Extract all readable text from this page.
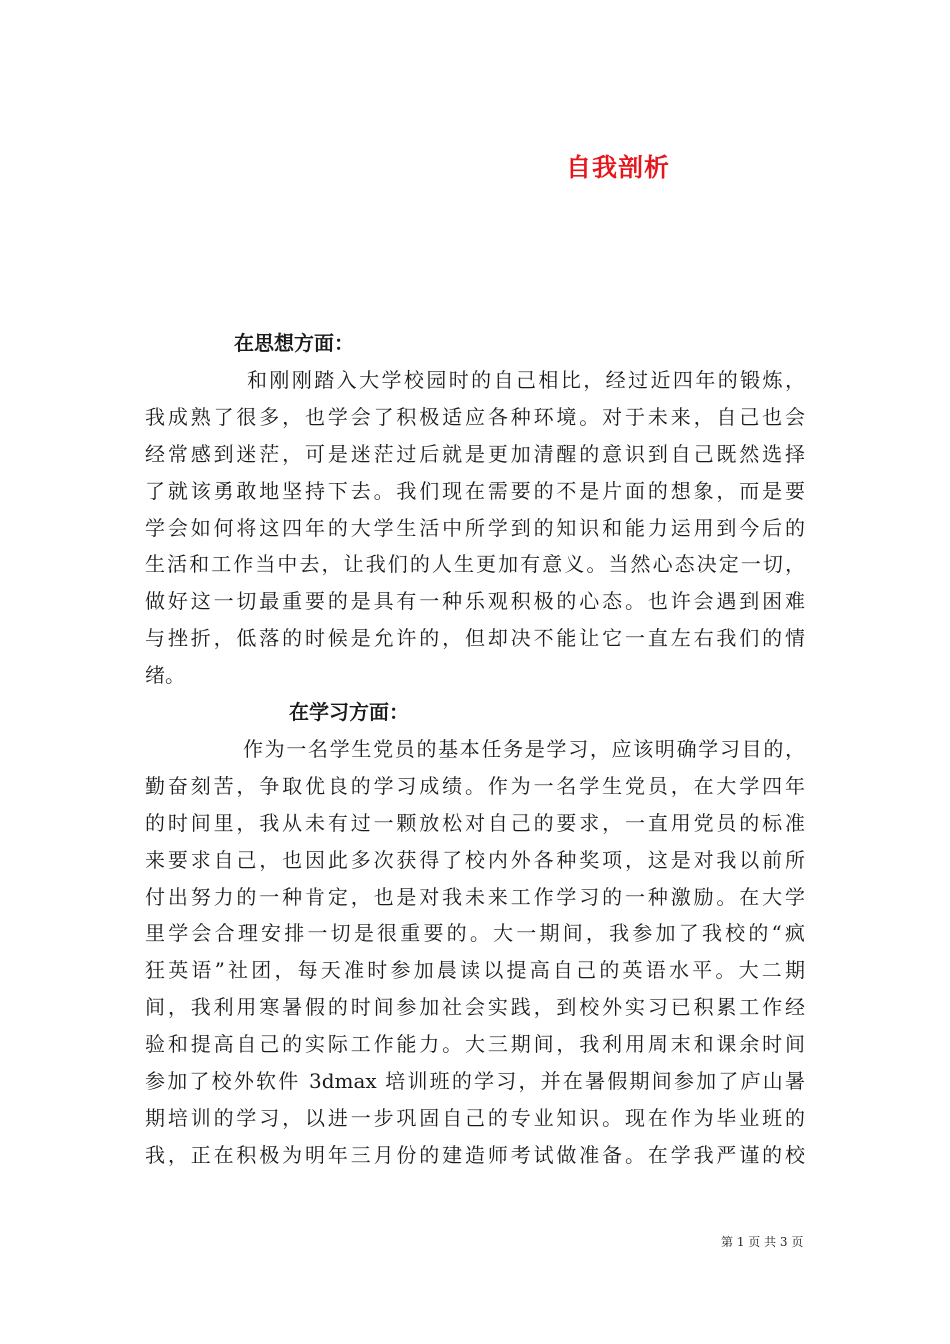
自我剖析
在思想方面：
和刚刚踏入大学校园时的自己相比，经过近四年的锻炼，
我成熟了很多，也学会了积极适应各种环境。对于未来，自己也会
经常感到迷茫，可是迷茫过后就是更加清醒的意识到自己既然选择
了就该勇敢地坚持下去。我们现在需要的不是片面的想象，而是要
学会如何将这四年的大学生活中所学到的知识和能力运用到今后的
生活和工作当中去，让我们的人生更加有意义。当然心态决定一切，
做好这一切最重要的是具有一种乐观积极的心态。也许会遇到困难
与挫折，低落的时候是允许的，但却决不能让它一直左右我们的情
绪。
在学习方面：
作为一名学生党员的基本任务是学习，应该明确学习目的，
勤奋刻苦，争取优良的学习成绩。作为一名学生党员，在大学四年
的时间里，我从未有过一颗放松对自己的要求，一直用党员的标准
来要求自己，也因此多次获得了校内外各种奖项，这是对我以前所
付出努力的一种肯定，也是对我未来工作学习的一种激励。在大学
里学会合理安排一切是很重要的。大一期间，我参加了我校的“疯
狂英语”社团，每天准时参加晨读以提高自己的英语水平。大二期
间，我利用寒暑假的时间参加社会实践，到校外实习已积累工作经
验和提高自己的实际工作能力。大三期间，我利用周末和课余时间
参加了校外软件 3dmax 培训班的学习，并在暑假期间参加了庐山暑
期培训的学习，以进一步巩固自己的专业知识。现在作为毕业班的
我，正在积极为明年三月份的建造师考试做准备。在学我严谨的校
第 1 页 共 3 页
